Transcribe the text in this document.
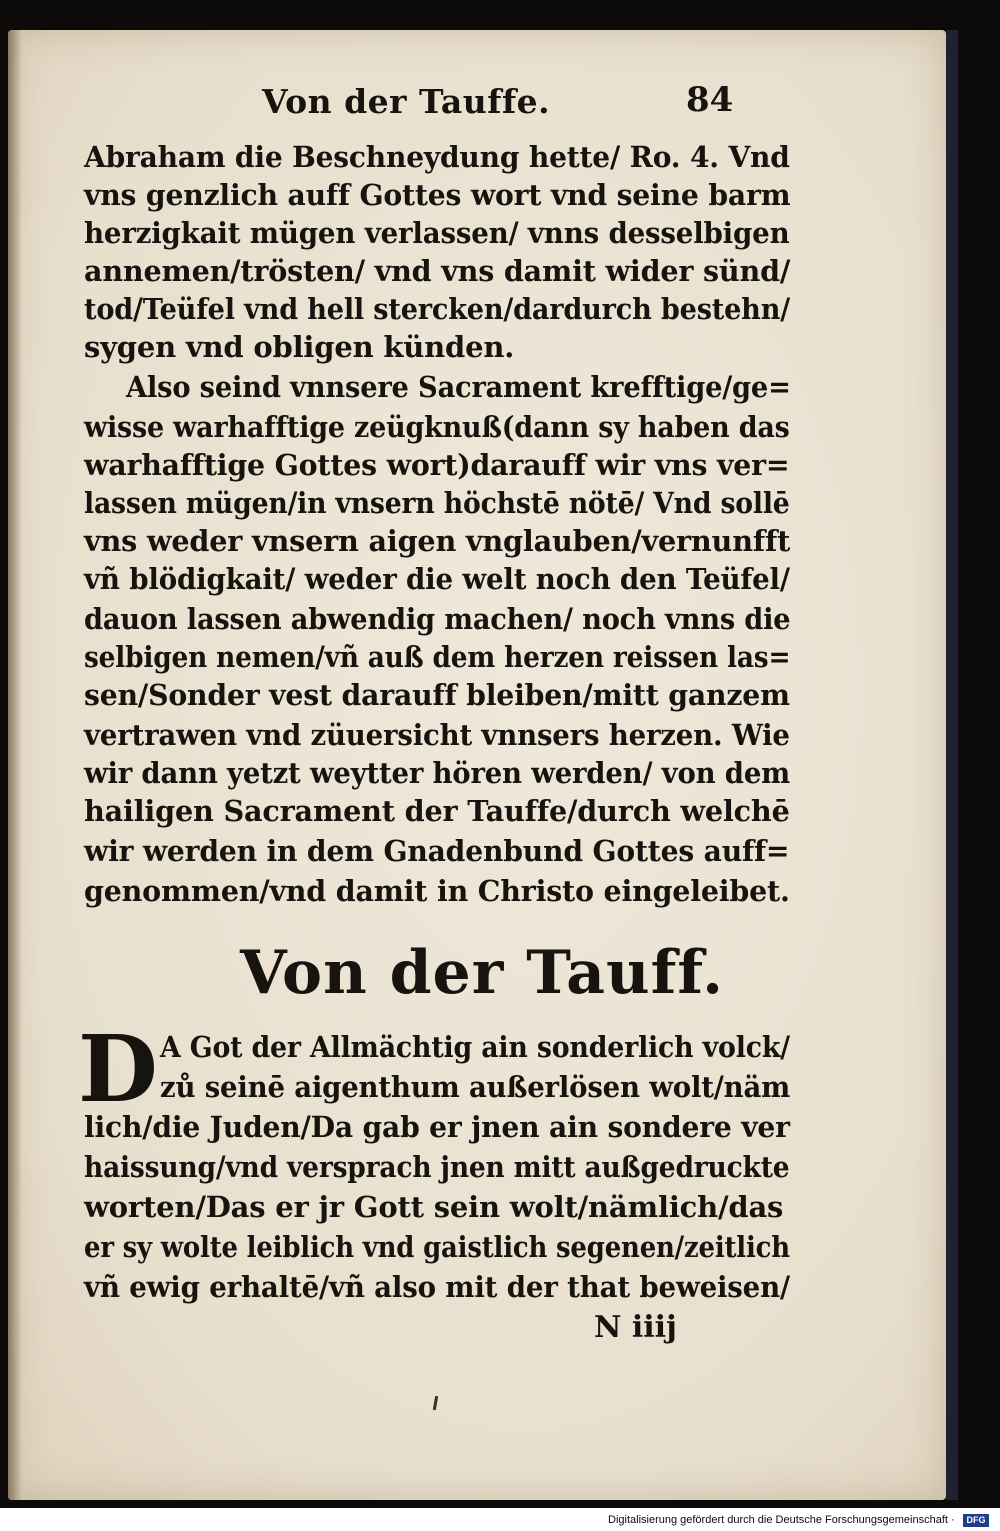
Von der Tauffe.	84
Abraham die Beschneydung hette/ Ro. 4. Vnd
vns genzlich auff Gottes wort vnd seine barm
herzigkait mügen verlassen/ vnns desselbigen
annemen/trösten/ vnd vns damit wider sünd/
tod/Teüfel vnd hell stercken/dardurch bestehn/
sygen vnd obligen künden.
Also seind vnnsere Sacrament krefftige/ge=
wisse warhafftige zeügknuß(dann sy haben das
warhafftige Gottes wort)darauff wir vns ver=
lassen mügen/in vnsern höchstē nötē/ Vnd sollē
vns weder vnsern aigen vnglauben/vernunfft
vñ blödigkait/ weder die welt noch den Teüfel/
dauon lassen abwendig machen/ noch vnns die
selbigen nemen/vñ auß dem herzen reissen las=
sen/Sonder vest darauff bleiben/mitt ganzem
vertrawen vnd züuersicht vnnsers herzen. Wie
wir dann yetzt weytter hören werden/ von dem
hailigen Sacrament der Tauffe/durch welchē
wir werden in dem Gnadenbund Gottes auff=
genommen/vnd damit in Christo eingeleibet.
Von der Tauff.
D A Got der Allmächtig ain sonderlich volck/
zů seinē aigenthum außerlösen wolt/näm
lich/die Juden/Da gab er jnen ain sondere ver
haissung/vnd versprach jnen mitt außgedruckte
worten/Das er jr Gott sein wolt/nämlich/das
er sy wolte leiblich vnd gaistlich segenen/zeitlich
vñ ewig erhaltē/vñ also mit der that beweisen/
N iiij
Digitalisierung gefördert durch die Deutsche Forschungsgemeinschaft ·	DFG
